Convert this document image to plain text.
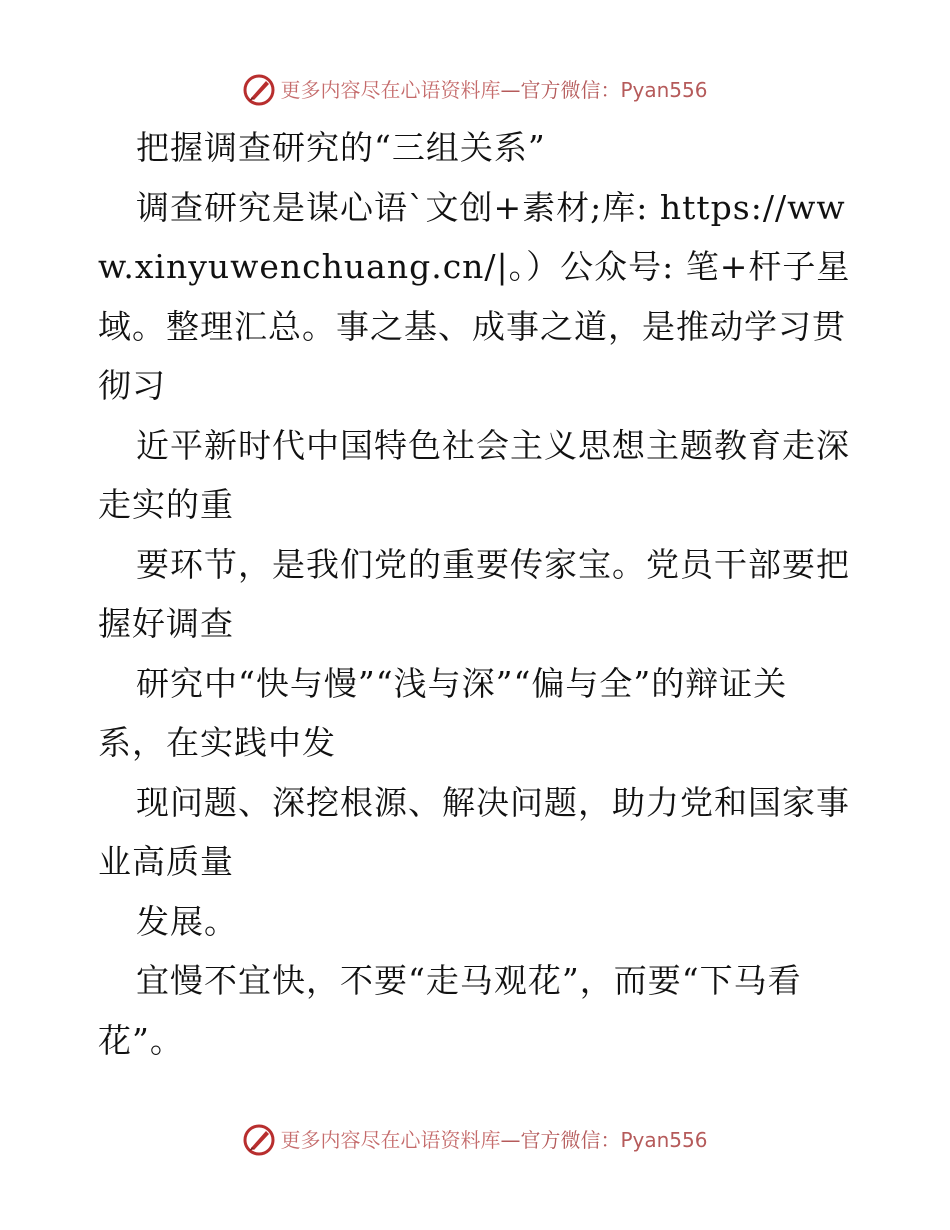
更多内容尽在心语资料库 —官方微信：Pyan556

把握调查研究的“三组关系”

调查研究是谋心语`文创+素材;库: https://www.xinyuwenchuang.cn/|。）公众号: 笔+杆子星域。整理汇总。事之基、成事之道，是推动学习贯彻习

近平新时代中国特色社会主义思想主题教育走深走实的重

要环节，是我们党的重要传家宝。党员干部要把握好调查

研究中“快与慢”“浅与深”“偏与全”的辩证关系，在实践中发

现问题、深挖根源、解决问题，助力党和国家事业高质量

发展。

宜慢不宜快，不要“走马观花”，而要“下马看花”。

更多内容尽在心语资料库 —官方微信：Pyan556
